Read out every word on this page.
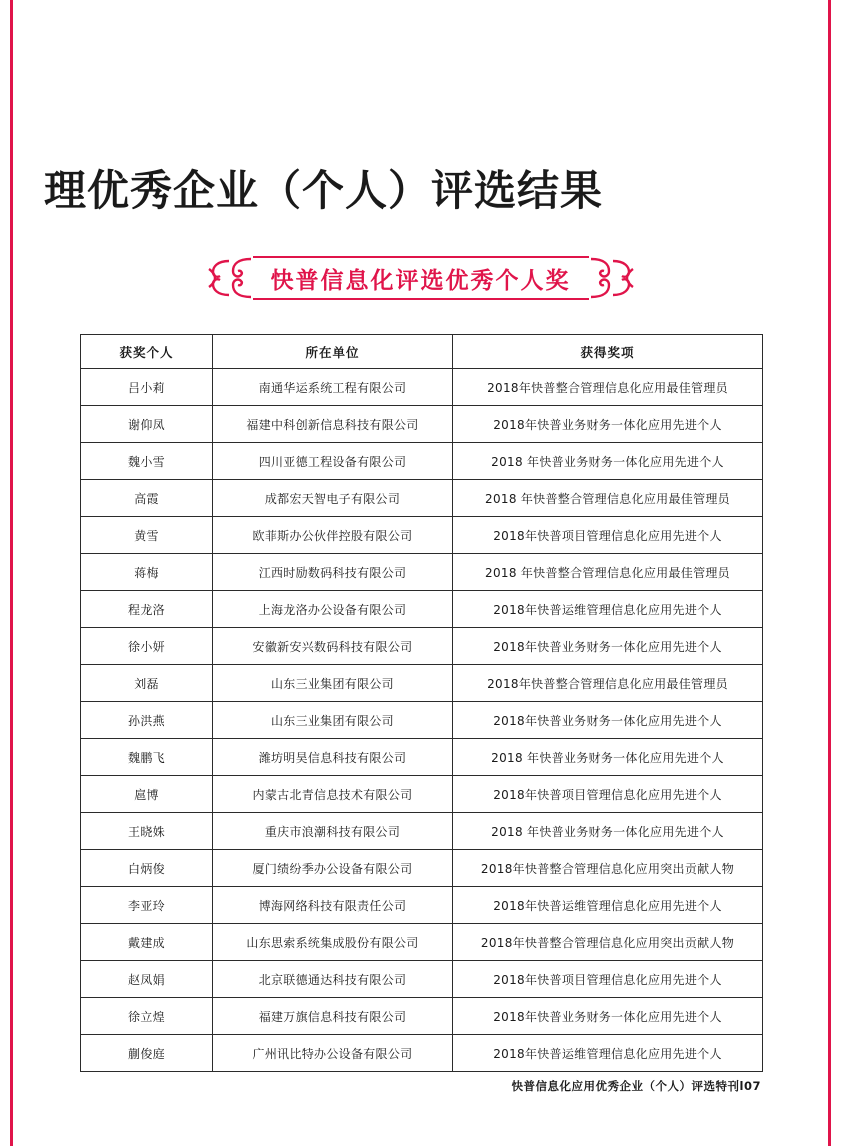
理优秀企业（个人）评选结果
快普信息化评选优秀个人奖
获奖个人	所在单位	获得奖项
吕小莉	南通华运系统工程有限公司	2018年快普整合管理信息化应用最佳管理员
谢仰凤	福建中科创新信息科技有限公司	2018年快普业务财务一体化应用先进个人
魏小雪	四川亚德工程设备有限公司	2018 年快普业务财务一体化应用先进个人
高霞	成都宏天智电子有限公司	2018 年快普整合管理信息化应用最佳管理员
黄雪	欧菲斯办公伙伴控股有限公司	2018年快普项目管理信息化应用先进个人
蒋梅	江西时励数码科技有限公司	2018 年快普整合管理信息化应用最佳管理员
程龙洛	上海龙洛办公设备有限公司	2018年快普运维管理信息化应用先进个人
徐小妍	安徽新安兴数码科技有限公司	2018年快普业务财务一体化应用先进个人
刘磊	山东三业集团有限公司	2018年快普整合管理信息化应用最佳管理员
孙洪燕	山东三业集团有限公司	2018年快普业务财务一体化应用先进个人
魏鹏飞	潍坊明昊信息科技有限公司	2018 年快普业务财务一体化应用先进个人
扈博	内蒙古北青信息技术有限公司	2018年快普项目管理信息化应用先进个人
王晓姝	重庆市浪潮科技有限公司	2018 年快普业务财务一体化应用先进个人
白炳俊	厦门绩纷季办公设备有限公司	2018年快普整合管理信息化应用突出贡献人物
李亚玲	博海网络科技有限责任公司	2018年快普运维管理信息化应用先进个人
戴建成	山东思索系统集成股份有限公司	2018年快普整合管理信息化应用突出贡献人物
赵凤娟	北京联德通达科技有限公司	2018年快普项目管理信息化应用先进个人
徐立煌	福建万旗信息科技有限公司	2018年快普业务财务一体化应用先进个人
蒯俊庭	广州讯比特办公设备有限公司	2018年快普运维管理信息化应用先进个人
快普信息化应用优秀企业（个人）评选特刊l07
